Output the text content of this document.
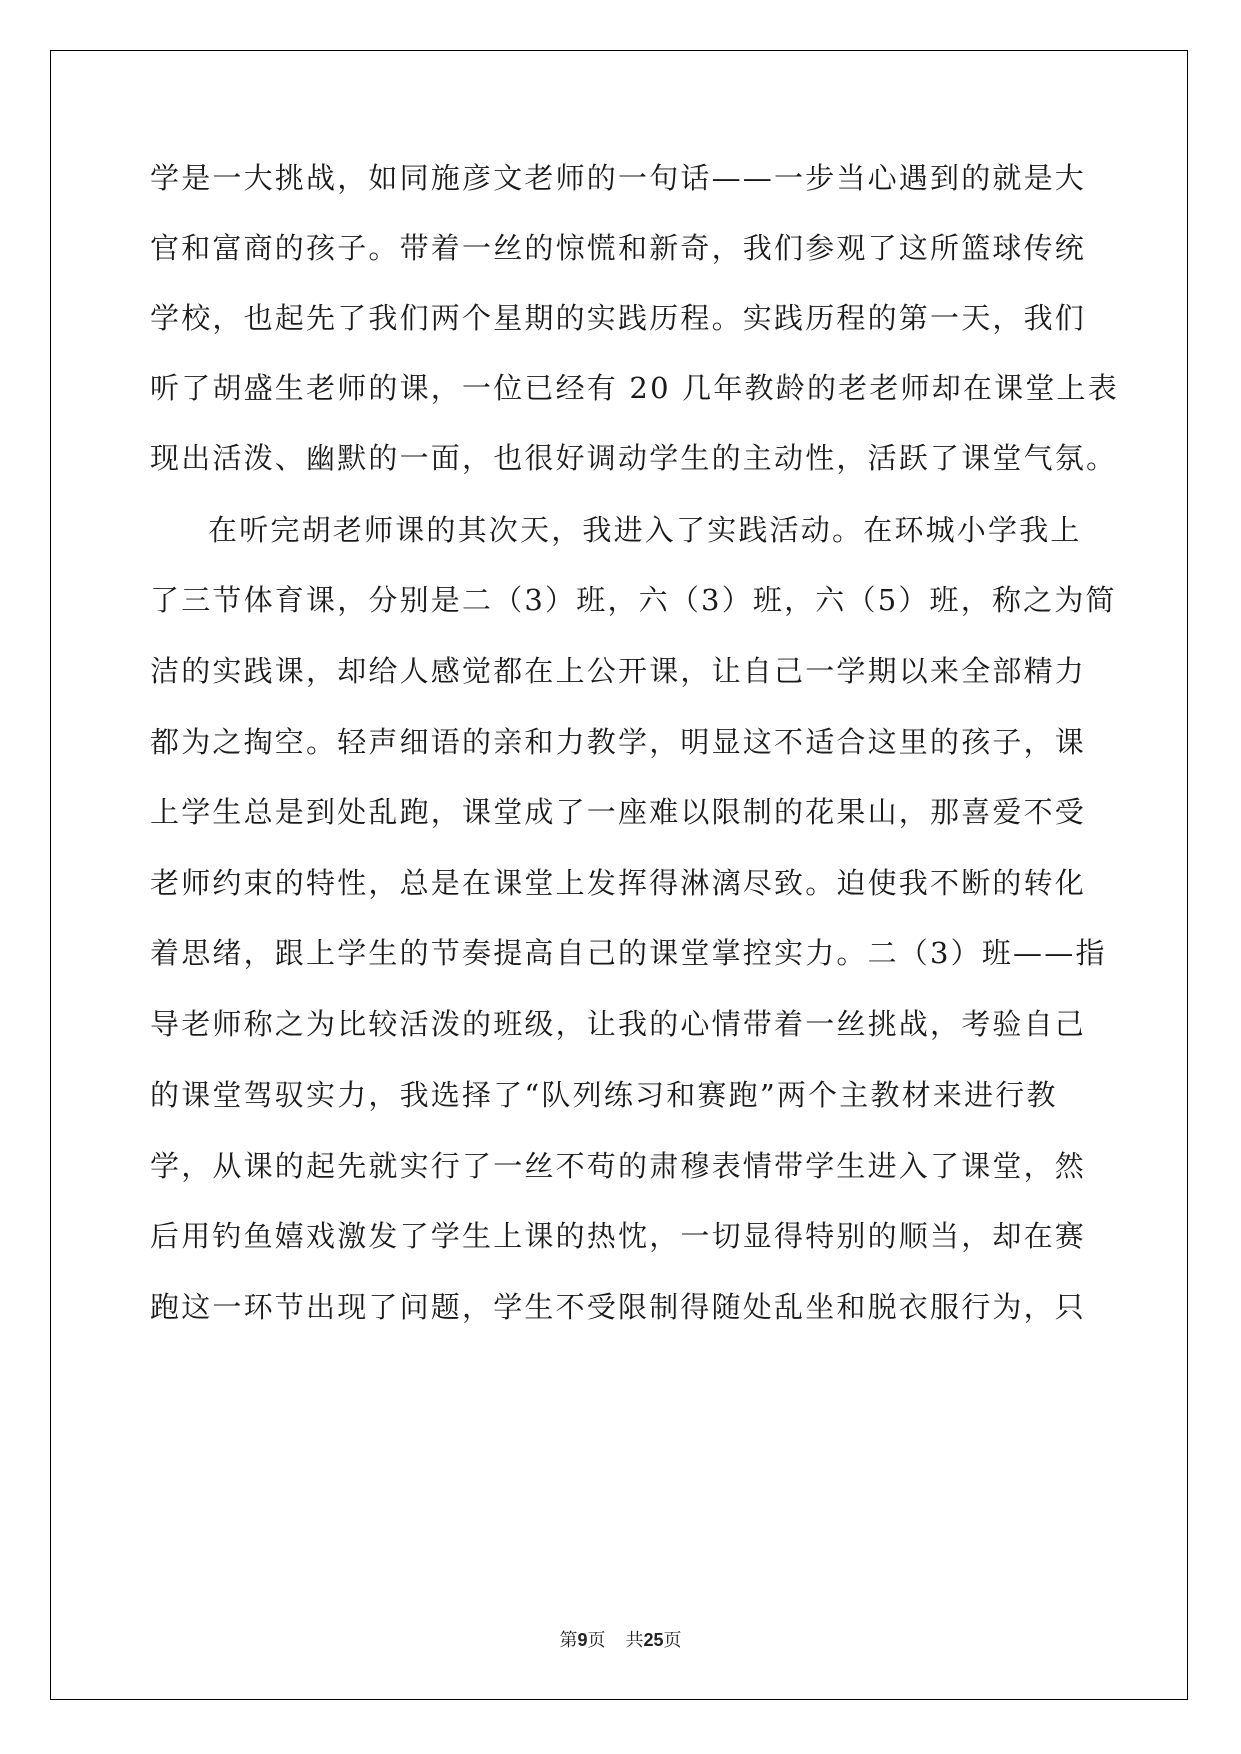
学是一大挑战，如同施彦文老师的一句话——一步当心遇到的就是大
官和富商的孩子。带着一丝的惊慌和新奇，我们参观了这所篮球传统
学校，也起先了我们两个星期的实践历程。实践历程的第一天，我们
听了胡盛生老师的课，一位已经有 20 几年教龄的老老师却在课堂上表
现出活泼、幽默的一面，也很好调动学生的主动性，活跃了课堂气氛。
在听完胡老师课的其次天，我进入了实践活动。在环城小学我上
了三节体育课，分别是二（3）班，六（3）班，六（5）班，称之为简
洁的实践课，却给人感觉都在上公开课，让自己一学期以来全部精力
都为之掏空。轻声细语的亲和力教学，明显这不适合这里的孩子，课
上学生总是到处乱跑，课堂成了一座难以限制的花果山，那喜爱不受
老师约束的特性，总是在课堂上发挥得淋漓尽致。迫使我不断的转化
着思绪，跟上学生的节奏提高自己的课堂掌控实力。二（3）班——指
导老师称之为比较活泼的班级，让我的心情带着一丝挑战，考验自己
的课堂驾驭实力，我选择了“队列练习和赛跑”两个主教材来进行教
学，从课的起先就实行了一丝不苟的肃穆表情带学生进入了课堂，然
后用钓鱼嬉戏激发了学生上课的热忱，一切显得特别的顺当，却在赛
跑这一环节出现了问题，学生不受限制得随处乱坐和脱衣服行为，只
第9页 共25页
